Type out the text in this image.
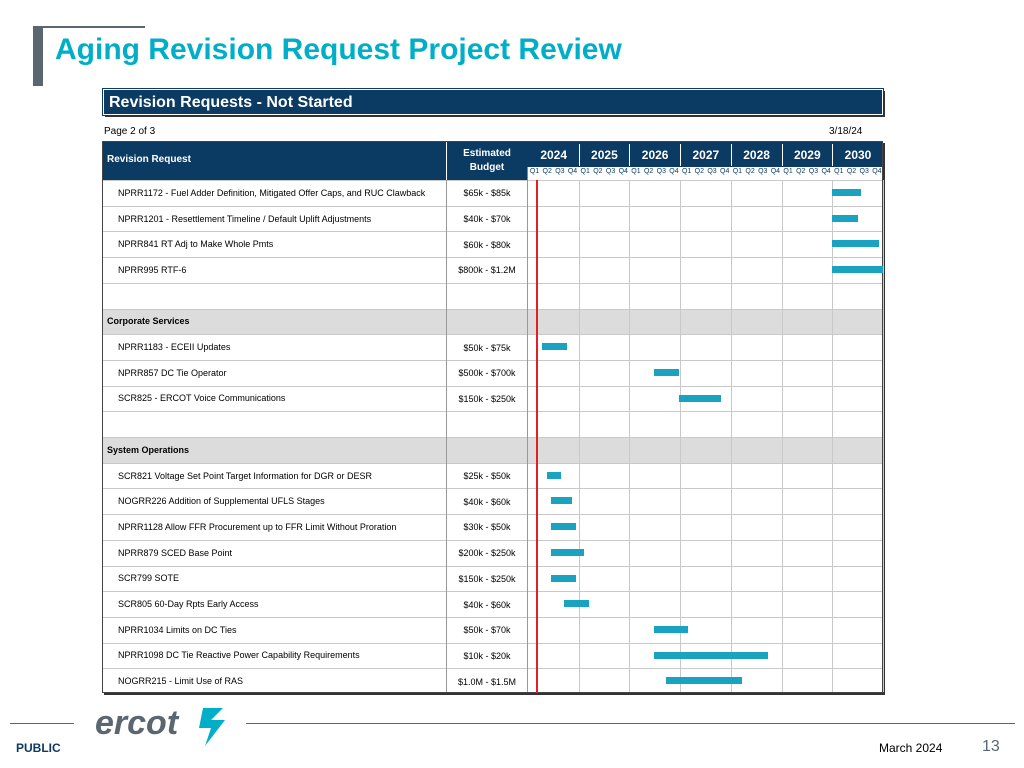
Aging Revision Request Project Review
Revision Requests - Not Started
Page 2 of 3	3/18/24
Revision Request
Estimated
Budget
2024	2025	2026	2027	2028	2029	2030
Q1 Q2 Q3 Q4 Q1 Q2 Q3 Q4 Q1 Q2 Q3 Q4 Q1 Q2 Q3 Q4 Q1 Q2 Q3 Q4 Q1 Q2 Q3 Q4 Q1 Q2 Q3 Q4
NPRR1172 - Fuel Adder Definition, Mitigated Offer Caps, and RUC Clawback	$65k - $85k
NPRR1201 - Resettlement Timeline / Default Uplift Adjustments	$40k - $70k
NPRR841 RT Adj to Make Whole Pmts	$60k - $80k
NPRR995 RTF-6	$800k - $1.2M
Corporate Services
NPRR1183 - ECEII Updates	$50k - $75k
NPRR857 DC Tie Operator	$500k - $700k
SCR825 - ERCOT Voice Communications	$150k - $250k
System Operations
SCR821 Voltage Set Point Target Information for DGR or DESR	$25k - $50k
NOGRR226 Addition of Supplemental UFLS Stages	$40k - $60k
NPRR1128 Allow FFR Procurement up to FFR Limit Without Proration	$30k - $50k
NPRR879 SCED Base Point	$200k - $250k
SCR799 SOTE	$150k - $250k
SCR805 60-Day Rpts Early Access	$40k - $60k
NPRR1034 Limits on DC Ties	$50k - $70k
NPRR1098 DC Tie Reactive Power Capability Requirements	$10k - $20k
NOGRR215 - Limit Use of RAS	$1.0M - $1.5M
ercot
PUBLIC	March 2024 13
